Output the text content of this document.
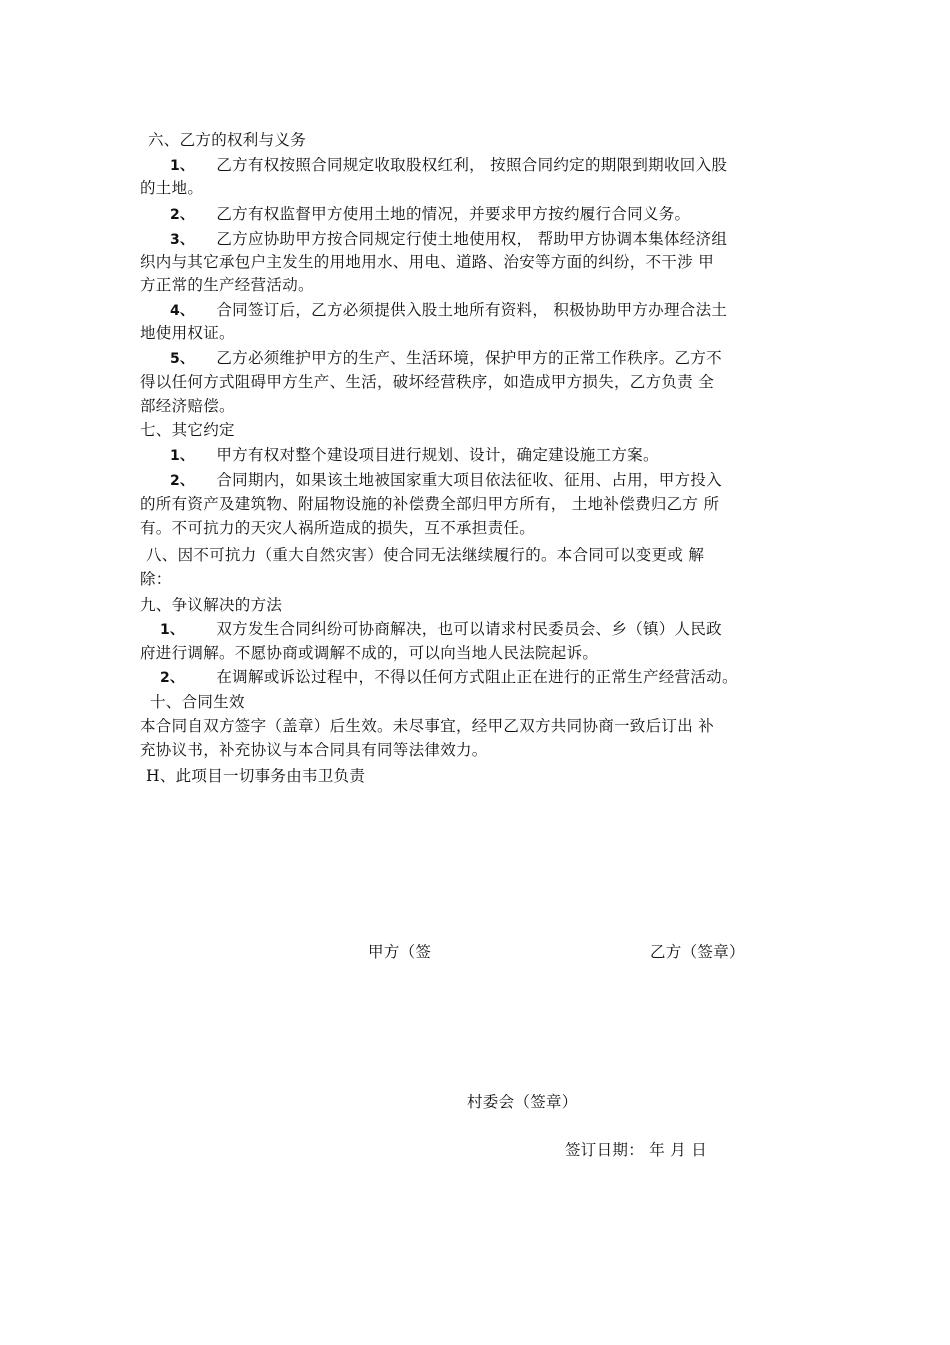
六、乙方的权利与义务
1、 乙方有权按照合同规定收取股权红利， 按照合同约定的期限到期收回入股
的土地。
2、 乙方有权监督甲方使用土地的情况，并要求甲方按约履行合同义务。
3、 乙方应协助甲方按合同规定行使土地使用权， 帮助甲方协调本集体经济组
织内与其它承包户主发生的用地用水、用电、道路、治安等方面的纠纷，不干涉 甲
方正常的生产经营活动。
4、 合同签订后，乙方必须提供入股土地所有资料， 积极协助甲方办理合法土
地使用权证。
5、 乙方必须维护甲方的生产、生活环境，保护甲方的正常工作秩序。乙方不
得以任何方式阻碍甲方生产、生活，破坏经营秩序，如造成甲方损失，乙方负责 全
部经济赔偿。
七、其它约定
1、 甲方有权对整个建设项目进行规划、设计，确定建设施工方案。
2、 合同期内，如果该土地被国家重大项目依法征收、征用、占用，甲方投入
的所有资产及建筑物、附届物设施的补偿费全部归甲方所有， 土地补偿费归乙方 所
有。不可抗力的天灾人祸所造成的损失，互不承担责任。
八、因不可抗力（重大自然灾害）使合同无法继续履行的。本合同可以变更或 解
除：
九、争议解决的方法
1、 双方发生合同纠纷可协商解决，也可以请求村民委员会、乡（镇）人民政
府进行调解。不愿协商或调解不成的，可以向当地人民法院起诉。
2、 在调解或诉讼过程中，不得以任何方式阻止正在进行的正常生产经营活动。
十、合同生效
本合同自双方签字（盖章）后生效。未尽事宜，经甲乙双方共同协商一致后订出 补
充协议书，补充协议与本合同具有同等法律效力。
H、此项目一切事务由韦卫负责
甲方（签	乙方（签章）
村委会（签章）
签订日期： 年 月 日
